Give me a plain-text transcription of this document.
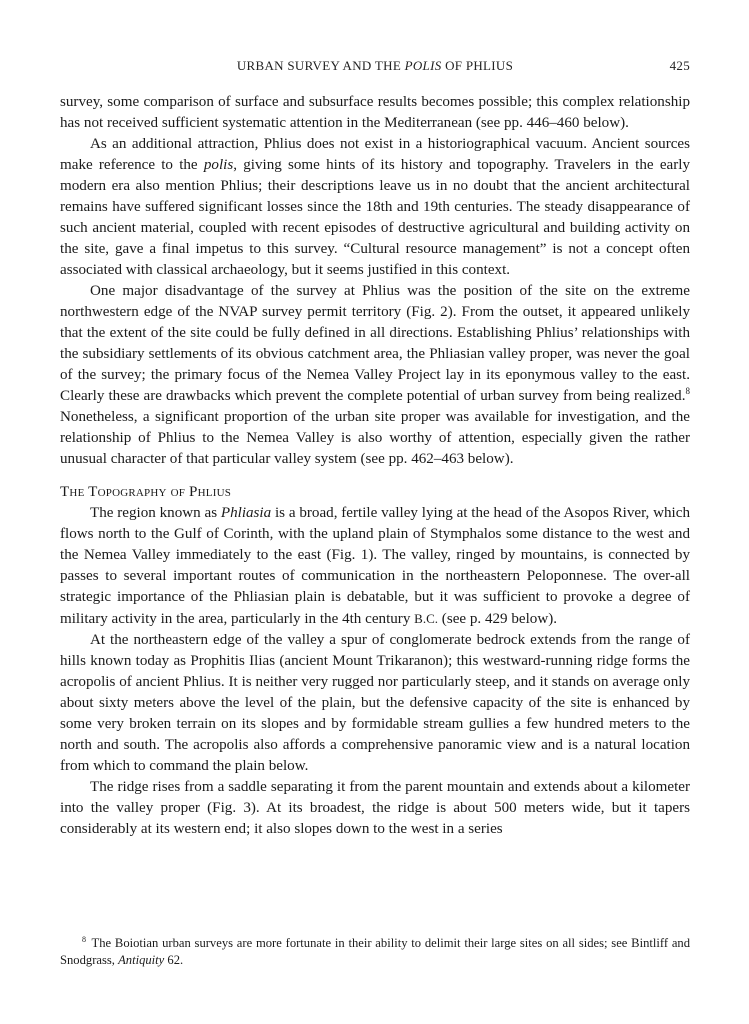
URBAN SURVEY AND THE POLIS OF PHLIUS	425

survey, some comparison of surface and subsurface results becomes possible; this complex relationship has not received sufficient systematic attention in the Mediterranean (see pp. 446–460 below).

As an additional attraction, Phlius does not exist in a historiographical vacuum. Ancient sources make reference to the polis, giving some hints of its history and topography. Travelers in the early modern era also mention Phlius; their descriptions leave us in no doubt that the ancient architectural remains have suffered significant losses since the 18th and 19th centuries. The steady disappearance of such ancient material, coupled with recent episodes of destructive agricultural and building activity on the site, gave a final impetus to this survey. “Cultural resource management” is not a concept often associated with classical archaeology, but it seems justified in this context.

One major disadvantage of the survey at Phlius was the position of the site on the extreme northwestern edge of the NVAP survey permit territory (Fig. 2). From the outset, it appeared unlikely that the extent of the site could be fully defined in all directions. Establishing Phlius’ relationships with the subsidiary settlements of its obvious catchment area, the Phliasian valley proper, was never the goal of the survey; the primary focus of the Nemea Valley Project lay in its eponymous valley to the east. Clearly these are drawbacks which prevent the complete potential of urban survey from being realized.$^8$ Nonetheless, a significant proportion of the urban site proper was available for investigation, and the relationship of Phlius to the Nemea Valley is also worthy of attention, especially given the rather unusual character of that particular valley system (see pp. 462–463 below).

The Topography of Phlius

The region known as Phliasia is a broad, fertile valley lying at the head of the Asopos River, which flows north to the Gulf of Corinth, with the upland plain of Stymphalos some distance to the west and the Nemea Valley immediately to the east (Fig. 1). The valley, ringed by mountains, is connected by passes to several important routes of communication in the northeastern Peloponnese. The over-all strategic importance of the Phliasian plain is debatable, but it was sufficient to provoke a degree of military activity in the area, particularly in the 4th century B.C. (see p. 429 below).

At the northeastern edge of the valley a spur of conglomerate bedrock extends from the range of hills known today as Prophitis Ilias (ancient Mount Trikaranon); this westward-running ridge forms the acropolis of ancient Phlius. It is neither very rugged nor particularly steep, and it stands on average only about sixty meters above the level of the plain, but the defensive capacity of the site is enhanced by some very broken terrain on its slopes and by formidable stream gullies a few hundred meters to the north and south. The acropolis also affords a comprehensive panoramic view and is a natural location from which to command the plain below.

The ridge rises from a saddle separating it from the parent mountain and extends about a kilometer into the valley proper (Fig. 3). At its broadest, the ridge is about 500 meters wide, but it tapers considerably at its western end; it also slopes down to the west in a series

$^8$ The Boiotian urban surveys are more fortunate in their ability to delimit their large sites on all sides; see Bintliff and Snodgrass, Antiquity 62.
